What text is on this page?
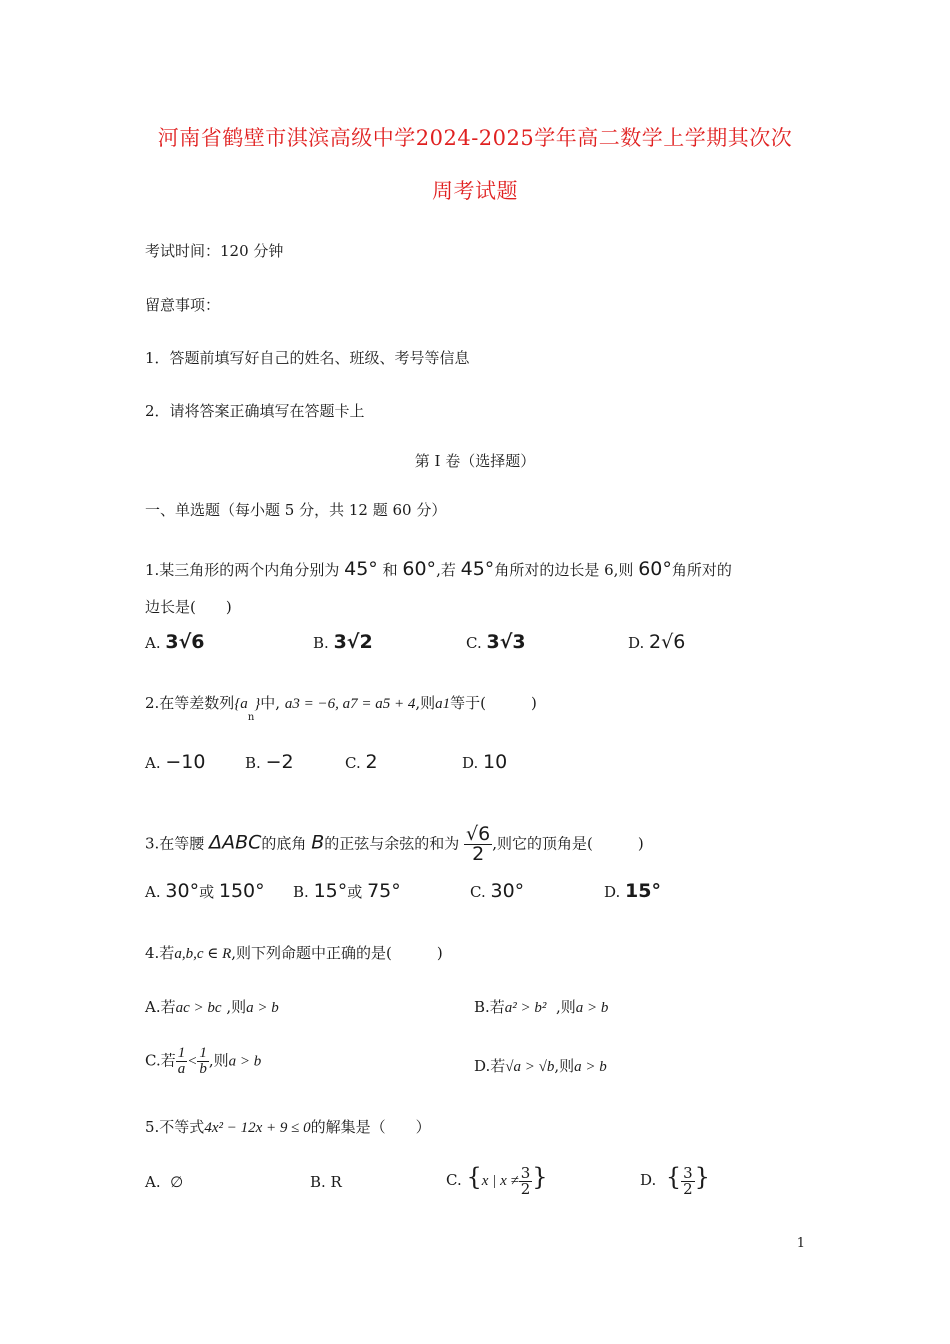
河南省鹤壁市淇滨高级中学2024-2025学年高二数学上学期其次次
周考试题
考试时间：120 分钟
留意事项：
1．答题前填写好自己的姓名、班级、考号等信息
2．请将答案正确填写在答题卡上
第 I 卷（选择题）
一、单选题（每小题 5 分，共 12 题 60 分）
1.某三角形的两个内角分别为 45° 和 60°,若 45°角所对的边长是 6,则 60°角所对的
边长是(　　)
A. 3√6	B. 3√2	C. 3√3	D. 2√6
2.在等差数列$\{a_n\}$中, a3 = −6, a7 = a5 + 4,则a1等于(　　　)
A. −10	B. −2	C. 2	D. 10
3.在等腰 ΔABC的底角 B的正弦与余弦的和为 $\frac{√6}{2}$ ,则它的顶角是(　　　)
A. 30°或 150° B. 15°或 75°	C. 30°	D. 15°
4.若a,b,c ∈ R,则下列命题中正确的是(　　　)
A.若ac > bc ,则a > b	B.若a² > b² ,则a > b
C.若 $\frac{1}{a} < \frac{1}{b}$ ,则a > b	D.若√a > √b,则a > b
5.不等式4x² − 12x + 9 ≤ 0的解集是（　　）
A. ∅	B. R	C. {x | $x \ne \frac{3}{2}$ }	D. { $\frac{3}{2}$ }
1
